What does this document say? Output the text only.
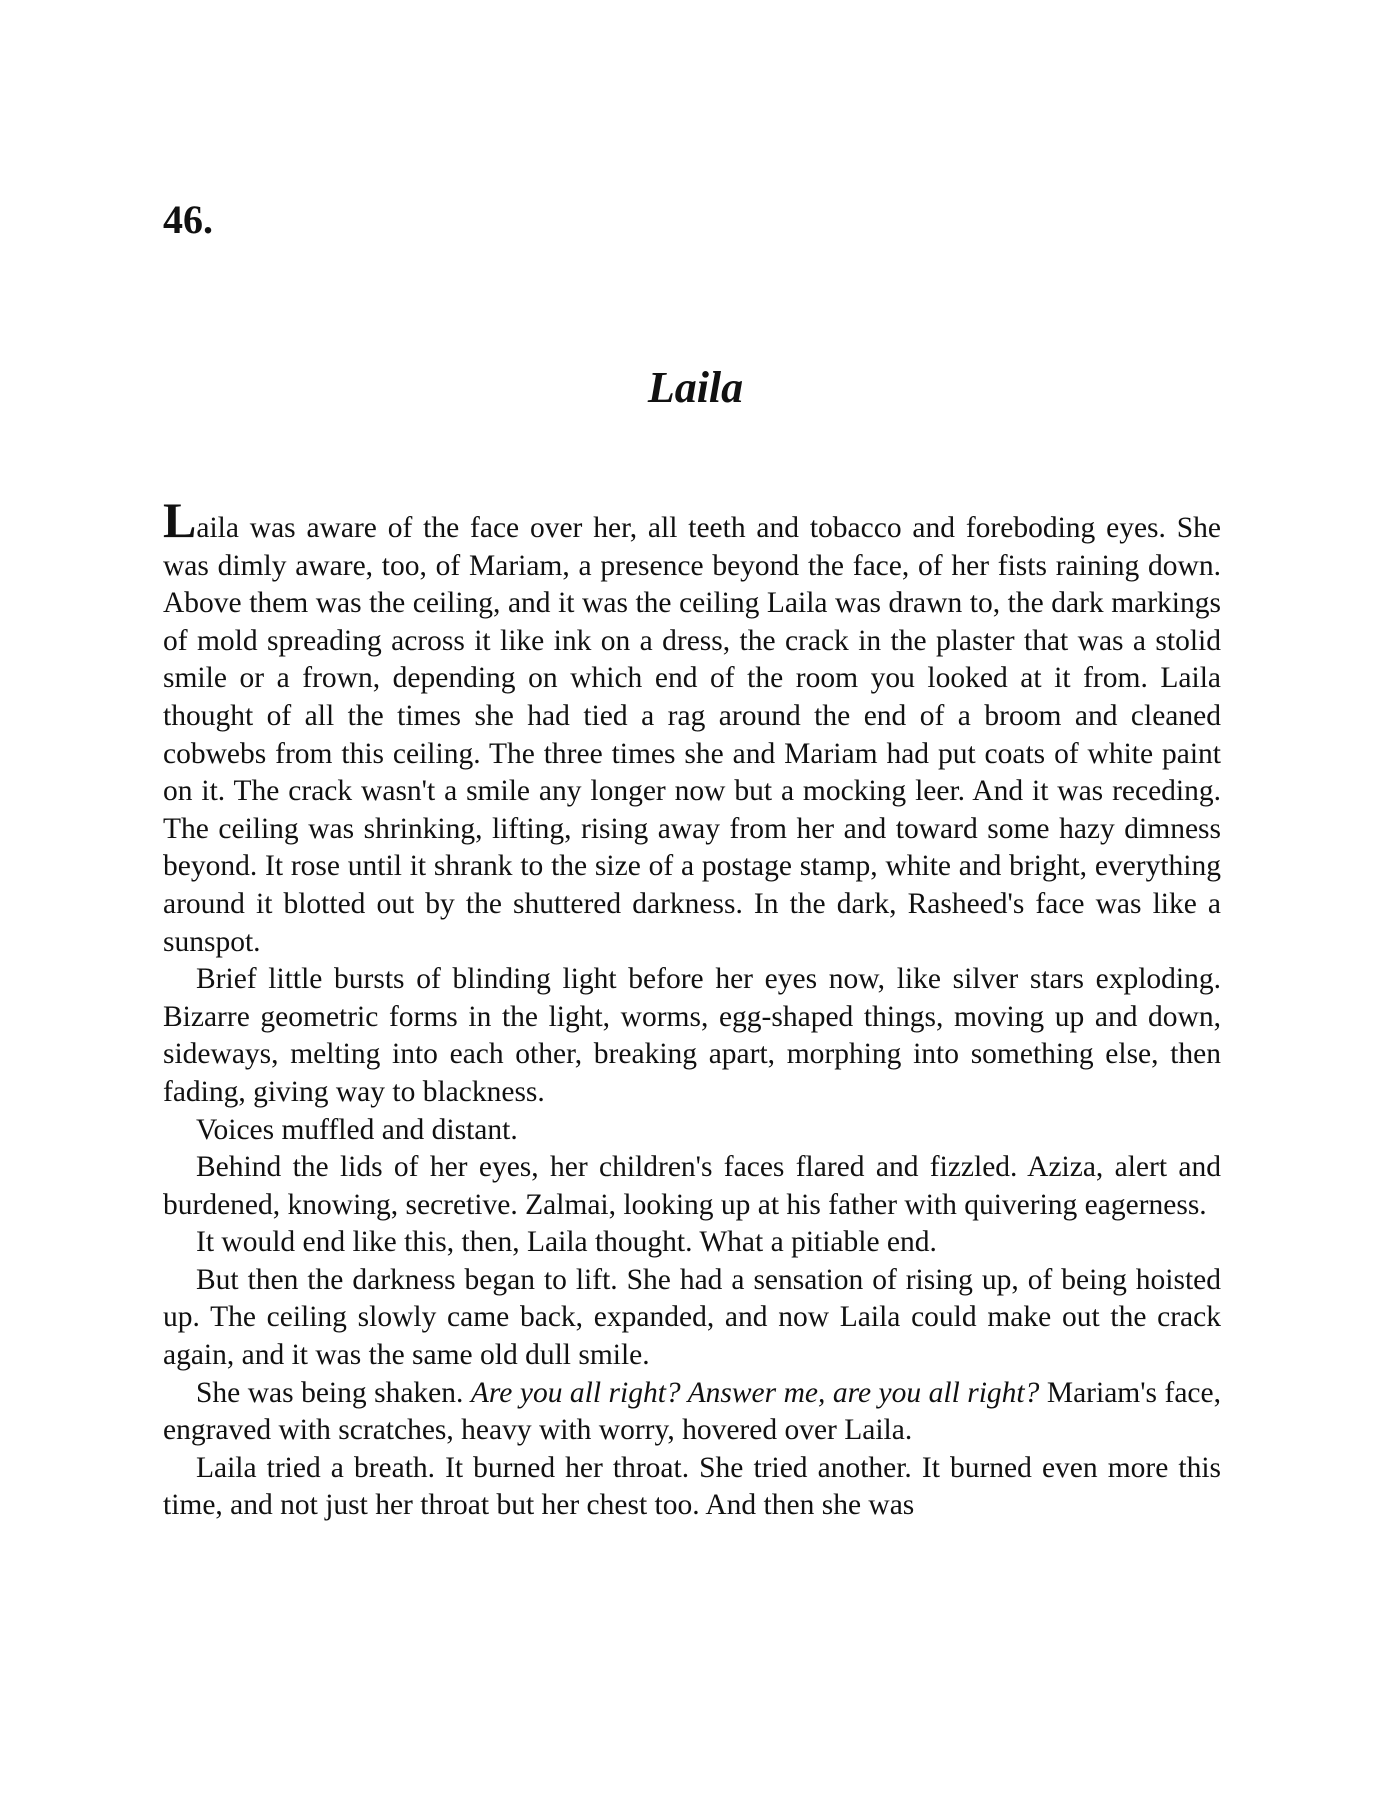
46.
Laila

Laila was aware of the face over her, all teeth and tobacco and foreboding eyes. She was dimly aware, too, of Mariam, a presence beyond the face, of her fists raining down. Above them was the ceiling, and it was the ceiling Laila was drawn to, the dark markings of mold spreading across it like ink on a dress, the crack in the plaster that was a stolid smile or a frown, depending on which end of the room you looked at it from. Laila thought of all the times she had tied a rag around the end of a broom and cleaned cobwebs from this ceiling. The three times she and Mariam had put coats of white paint on it. The crack wasn't a smile any longer now but a mocking leer. And it was receding. The ceiling was shrinking, lifting, rising away from her and toward some hazy dimness beyond. It rose until it shrank to the size of a postage stamp, white and bright, everything around it blotted out by the shuttered darkness. In the dark, Rasheed's face was like a sunspot.

Brief little bursts of blinding light before her eyes now, like silver stars exploding. Bizarre geometric forms in the light, worms, egg-shaped things, moving up and down, sideways, melting into each other, breaking apart, morphing into something else, then fading, giving way to blackness.

Voices muffled and distant.

Behind the lids of her eyes, her children's faces flared and fizzled. Aziza, alert and burdened, knowing, secretive. Zalmai, looking up at his father with quivering eagerness.

It would end like this, then, Laila thought. What a pitiable end.

But then the darkness began to lift. She had a sensation of rising up, of being hoisted up. The ceiling slowly came back, expanded, and now Laila could make out the crack again, and it was the same old dull smile.

She was being shaken. Are you all right? Answer me, are you all right? Mariam's face, engraved with scratches, heavy with worry, hovered over Laila.

Laila tried a breath. It burned her throat. She tried another. It burned even more this time, and not just her throat but her chest too. And then she was
